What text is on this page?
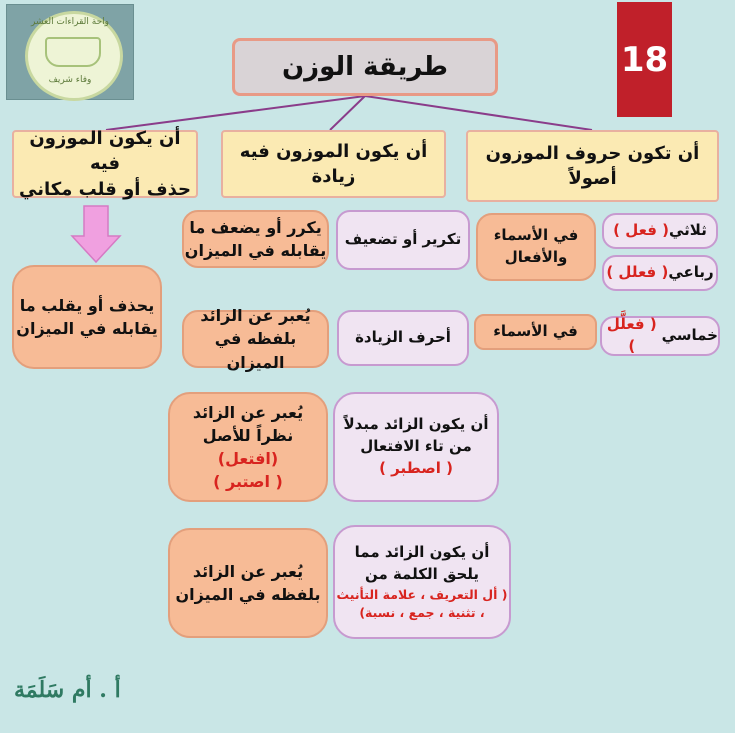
واحة القراءات العشر
وفاء شريف
18
طريقة الوزن
أن تكون حروف الموزون
أصولاً
أن يكون الموزون فيه
زيادة
أن يكون الموزون فيه
حذف أو قلب مكاني
ثلاثي
( فعل )
رباعي
( فعلل )
خماسي
( فعلَّل )
في الأسماء
والأفعال
في الأسماء
تكرير أو تضعيف
يكرر أو يضعف ما
يقابله في الميزان
أحرف الزيادة
يُعبر عن الزائد
بلفظه في الميزان
أن يكون الزائد مبدلاً
من تاء الافتعال
( اصطبر )
يُعبر عن الزائد
نظراً للأصل (افتعل)
( اصتبر )
أن يكون الزائد مما
يلحق الكلمة من
( أل التعريف ، علامة التأنيث
، تثنية ، جمع ، نسبة)
يُعبر عن الزائد
بلفظه في الميزان
يحذف أو يقلب ما
يقابله في الميزان
أ . أم سَلَمَة
